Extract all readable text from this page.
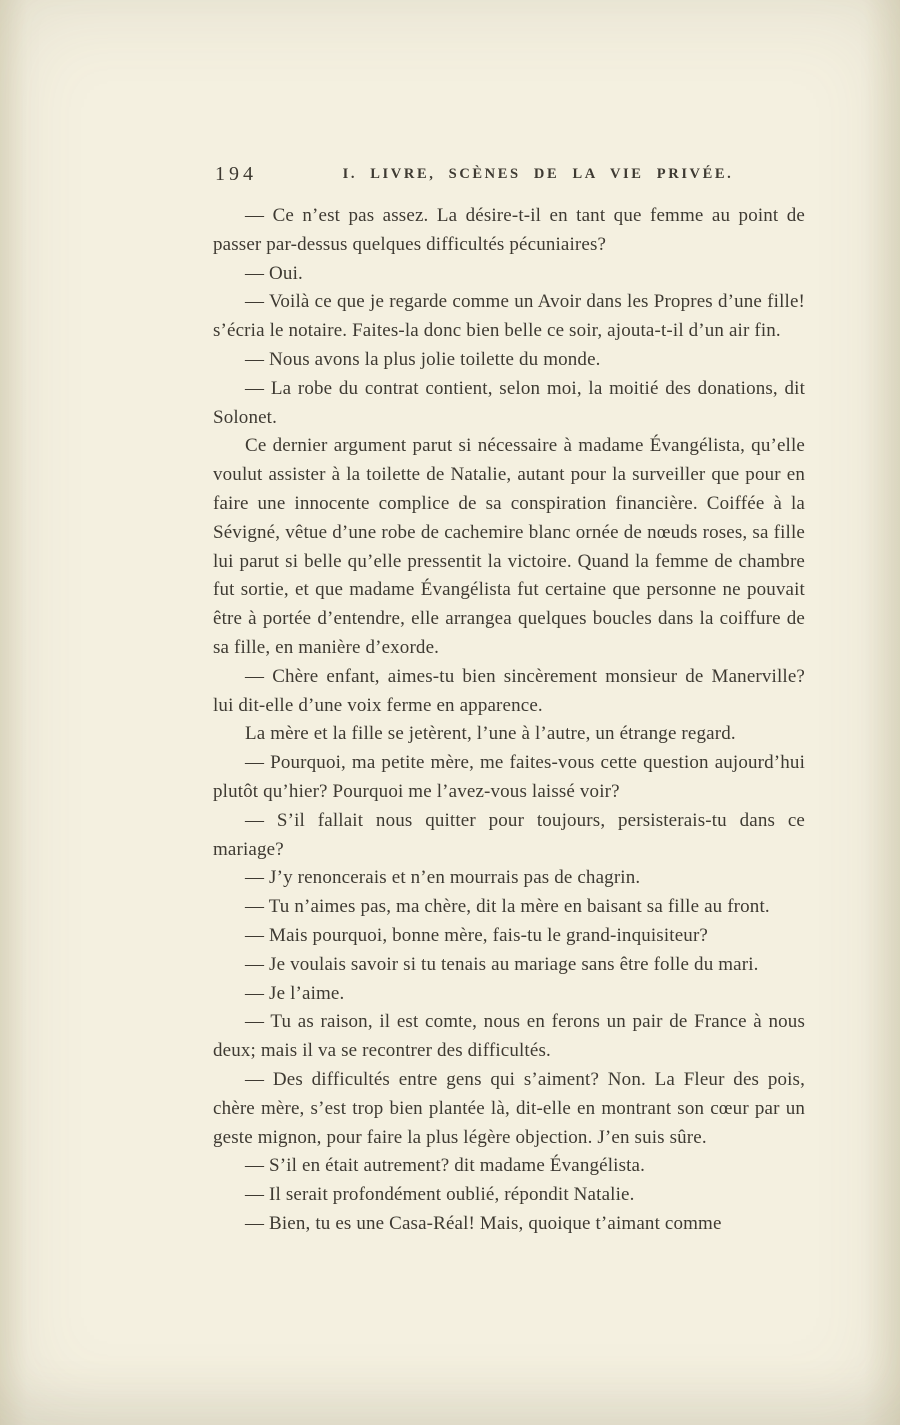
194	I. LIVRE, SCÈNES DE LA VIE PRIVÉE.

— Ce n’est pas assez. La désire-t-il en tant que femme au point de passer par-dessus quelques difficultés pécuniaires?

— Oui.

— Voilà ce que je regarde comme un Avoir dans les Propres d’une fille! s’écria le notaire. Faites-la donc bien belle ce soir, ajouta-t-il d’un air fin.

— Nous avons la plus jolie toilette du monde.

— La robe du contrat contient, selon moi, la moitié des donations, dit Solonet.

Ce dernier argument parut si nécessaire à madame Évangélista, qu’elle voulut assister à la toilette de Natalie, autant pour la surveiller que pour en faire une innocente complice de sa conspiration financière. Coiffée à la Sévigné, vêtue d’une robe de cachemire blanc ornée de nœuds roses, sa fille lui parut si belle qu’elle pressentit la victoire. Quand la femme de chambre fut sortie, et que madame Évangélista fut certaine que personne ne pouvait être à portée d’entendre, elle arrangea quelques boucles dans la coiffure de sa fille, en manière d’exorde.

— Chère enfant, aimes-tu bien sincèrement monsieur de Manerville? lui dit-elle d’une voix ferme en apparence.

La mère et la fille se jetèrent, l’une à l’autre, un étrange regard.

— Pourquoi, ma petite mère, me faites-vous cette question aujourd’hui plutôt qu’hier? Pourquoi me l’avez-vous laissé voir?

— S’il fallait nous quitter pour toujours, persisterais-tu dans ce mariage?

— J’y renoncerais et n’en mourrais pas de chagrin.

— Tu n’aimes pas, ma chère, dit la mère en baisant sa fille au front.

— Mais pourquoi, bonne mère, fais-tu le grand-inquisiteur?

— Je voulais savoir si tu tenais au mariage sans être folle du mari.

— Je l’aime.

— Tu as raison, il est comte, nous en ferons un pair de France à nous deux; mais il va se recontrer des difficultés.

— Des difficultés entre gens qui s’aiment? Non. La Fleur des pois, chère mère, s’est trop bien plantée là, dit-elle en montrant son cœur par un geste mignon, pour faire la plus légère objection. J’en suis sûre.

— S’il en était autrement? dit madame Évangélista.

— Il serait profondément oublié, répondit Natalie.

— Bien, tu es une Casa-Réal! Mais, quoique t’aimant comme
